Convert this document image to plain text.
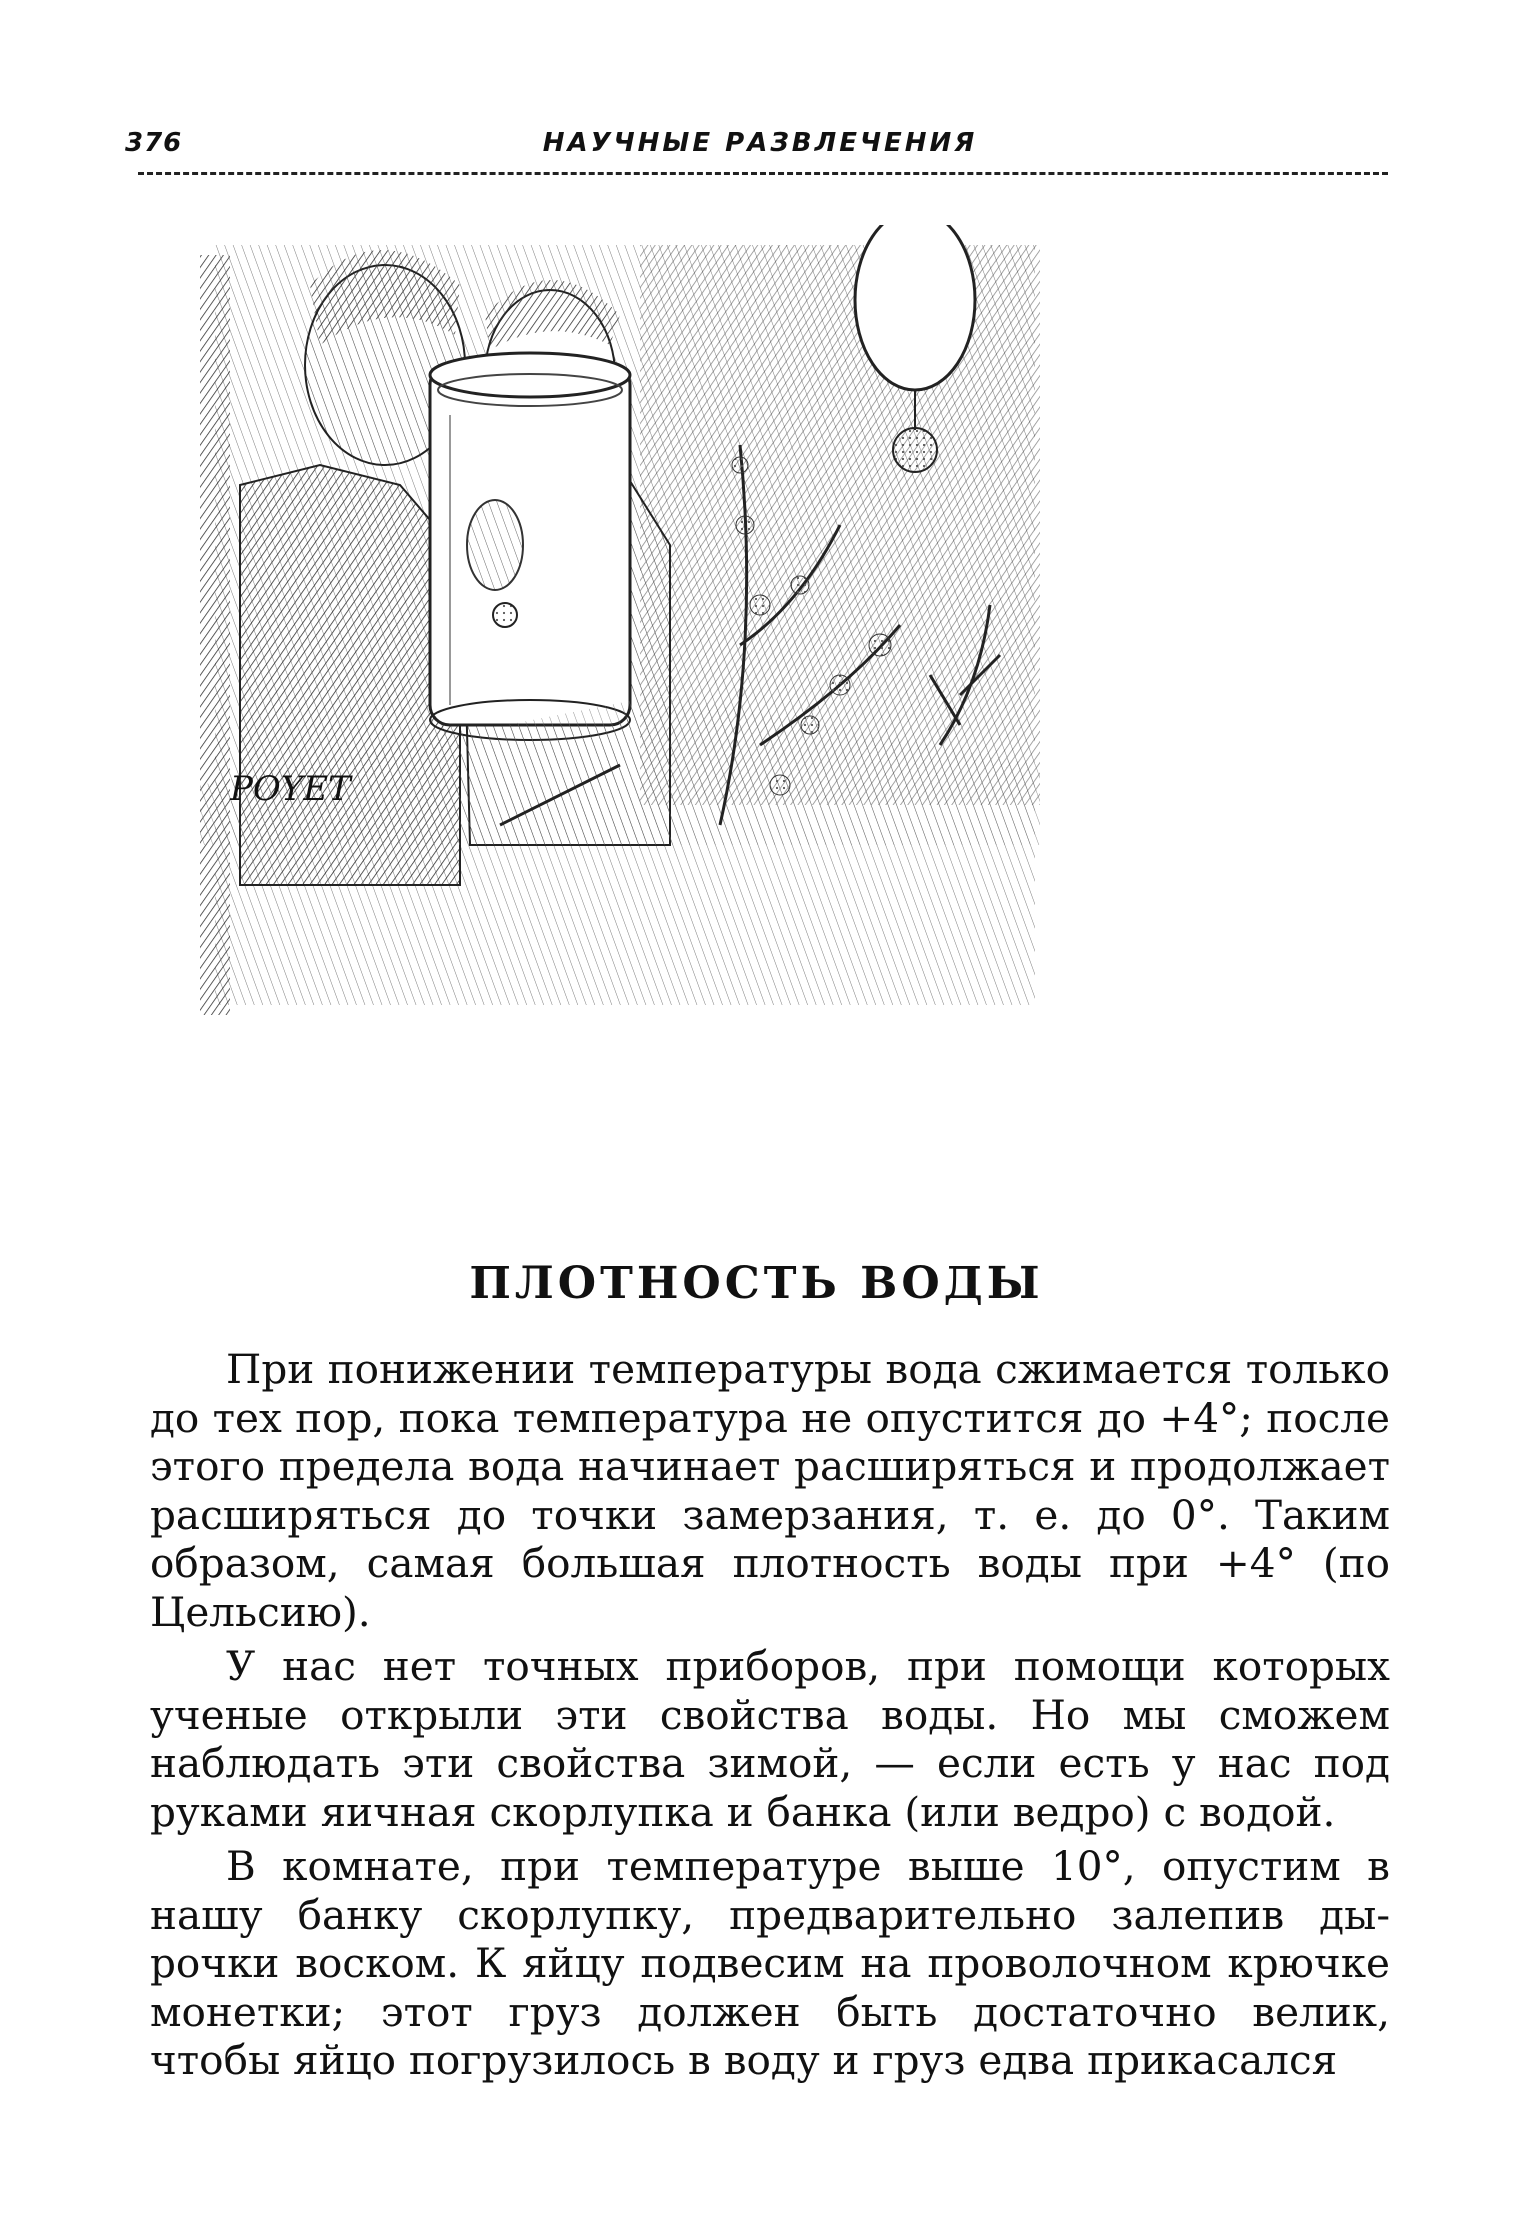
376	НАУЧНЫЕ РАЗВЛЕЧЕНИЯ
POYET
ПЛОТНОСТЬ ВОДЫ

При понижении температуры вода сжимается только до тех пор, пока температура не опустится до +4°; после этого предела вода начинает расширяться и продолжает расширяться до точки замерзания, т. е. до 0°. Таким образом, самая большая плотность воды при +4° (по Цельсию).

У нас нет точных приборов, при помощи которых ученые открыли эти свойства воды. Но мы сможем наблюдать эти свойства зимой, — если есть у нас под руками яичная скорлупка и банка (или ведро) с водой.

В комнате, при температуре выше 10°, опустим в нашу банку скорлупку, предварительно залепив дырочки воском. К яйцу подвесим на проволочном крючке монетки; этот груз должен быть достаточно велик, чтобы яйцо погрузилось в воду и груз едва прикасался
